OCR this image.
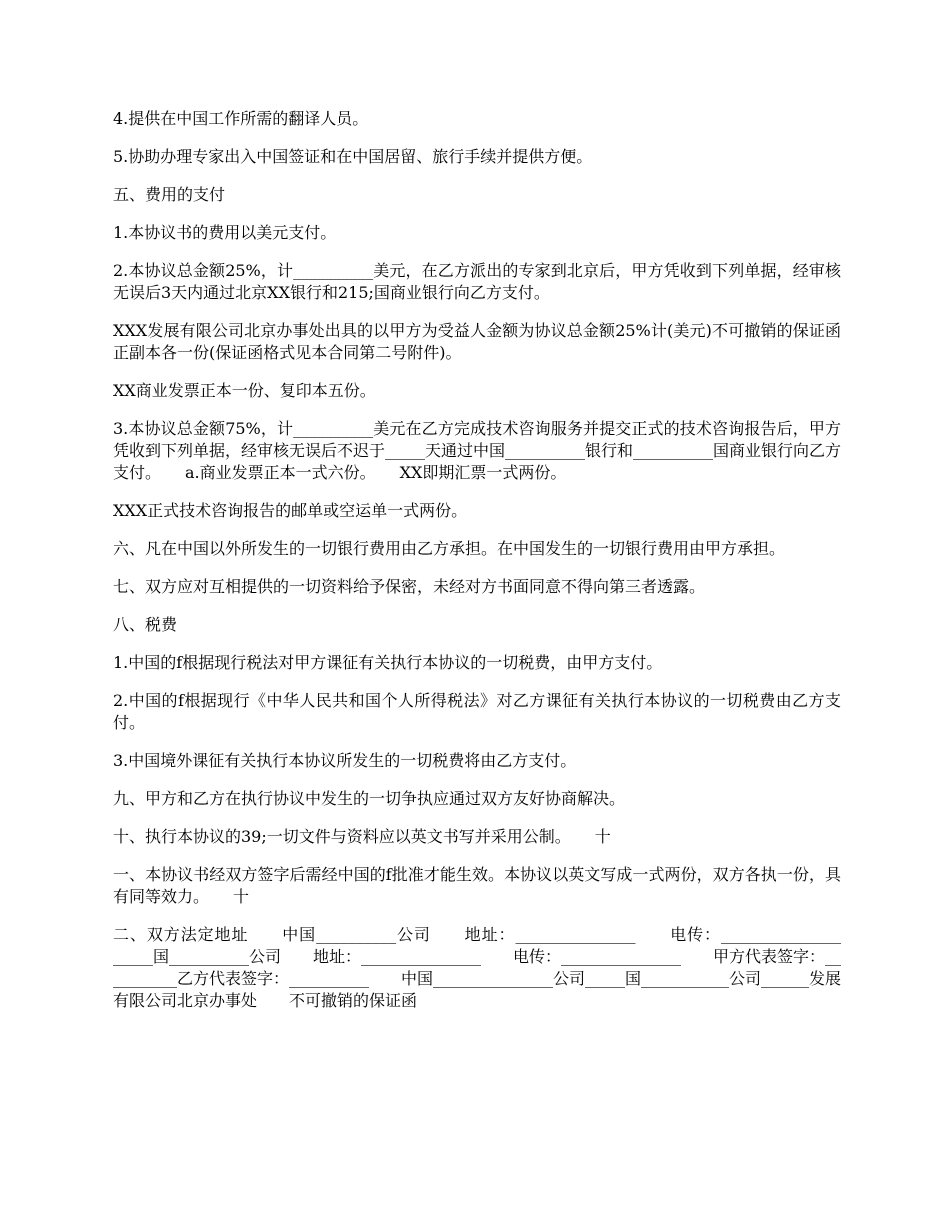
4.提供在中国工作所需的翻译人员。

5.协助办理专家出入中国签证和在中国居留、旅行手续并提供方便。

五、费用的支付

1.本协议书的费用以美元支付。

2.本协议总金额25%，计__________美元，在乙方派出的专家到北京后，甲方凭收到下列单据，经审核无误后3天内通过北京XX银行和215;国商业银行向乙方支付。

XXX发展有限公司北京办事处出具的以甲方为受益人金额为协议总金额25%计(美元)不可撤销的保证函正副本各一份(保证函格式见本合同第二号附件)。

XX商业发票正本一份、复印本五份。

3.本协议总金额75%，计__________美元在乙方完成技术咨询服务并提交正式的技术咨询报告后，甲方凭收到下列单据，经审核无误后不迟于_____天通过中国__________银行和__________国商业银行向乙方支付。　　a.商业发票正本一式六份。　　XX即期汇票一式两份。

XXX正式技术咨询报告的邮单或空运单一式两份。

六、凡在中国以外所发生的一切银行费用由乙方承担。在中国发生的一切银行费用由甲方承担。

七、双方应对互相提供的一切资料给予保密，未经对方书面同意不得向第三者透露。

八、税费

1.中国的f根据现行税法对甲方课征有关执行本协议的一切税费，由甲方支付。

2.中国的f根据现行《中华人民共和国个人所得税法》对乙方课征有关执行本协议的一切税费由乙方支付。

3.中国境外课征有关执行本协议所发生的一切税费将由乙方支付。

九、甲方和乙方在执行协议中发生的一切争执应通过双方友好协商解决。

十、执行本协议的39;一切文件与资料应以英文书写并采用公制。　　十

一、本协议书经双方签字后需经中国的f批准才能生效。本协议以英文写成一式两份，双方各执一份，具有同等效力。　　十

二、双方法定地址　　中国__________公司　　地址：_______________　　电传：_______________　　_____国__________公司　　地址：_______________　　电传：_______________　　甲方代表签字：__________乙方代表签字：__________　　中国_______________公司_____国___________公司______发展有限公司北京办事处　　不可撤销的保证函
